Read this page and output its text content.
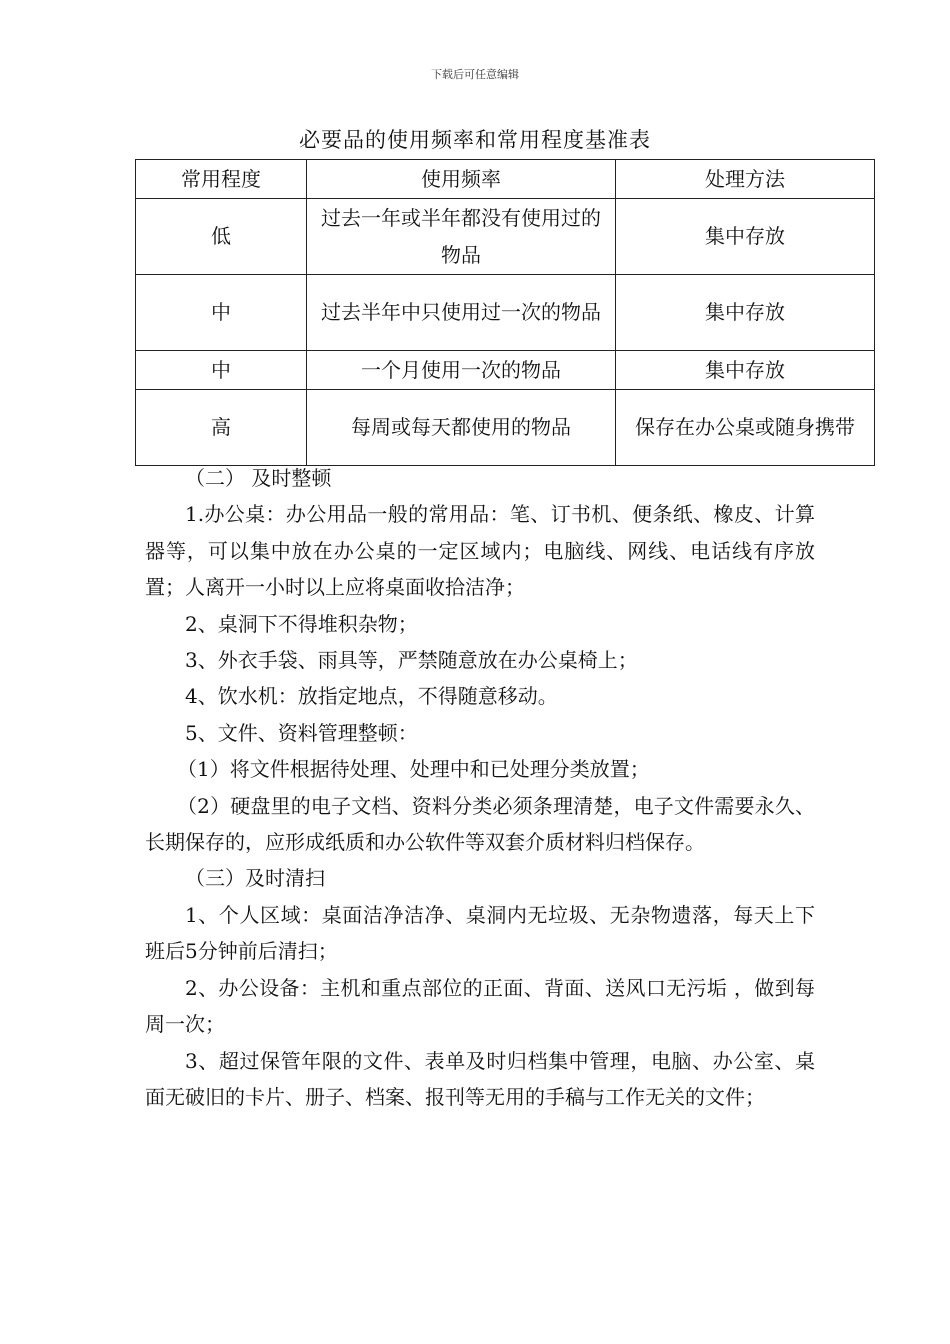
下载后可任意编辑
必要品的使用频率和常用程度基准表
常用程度	使用频率	处理方法
低	过去一年或半年都没有使用过的物品	集中存放
中	过去半年中只使用过一次的物品	集中存放
中	一个月使用一次的物品	集中存放
高	每周或每天都使用的物品	保存在办公桌或随身携带

（二） 及时整顿

1.办公桌：办公用品一般的常用品：笔、订书机、便条纸、橡皮、计算器等，可以集中放在办公桌的一定区域内；电脑线、网线、电话线有序放置；人离开一小时以上应将桌面收拾洁净；

2、桌洞下不得堆积杂物；

3、外衣手袋、雨具等，严禁随意放在办公桌椅上；

4、饮水机：放指定地点，不得随意移动。

5、文件、资料管理整顿：

（1）将文件根据待处理、处理中和已处理分类放置；

（2）硬盘里的电子文档、资料分类必须条理清楚，电子文件需要永久、长期保存的，应形成纸质和办公软件等双套介质材料归档保存。

（三）及时清扫

1、个人区域：桌面洁净洁净、桌洞内无垃圾、无杂物遗落，每天上下班后5分钟前后清扫；

2、办公设备：主机和重点部位的正面、背面、送风口无污垢 ，做到每周一次；

3、超过保管年限的文件、表单及时归档集中管理，电脑、办公室、桌面无破旧的卡片、册子、档案、报刊等无用的手稿与工作无关的文件；
